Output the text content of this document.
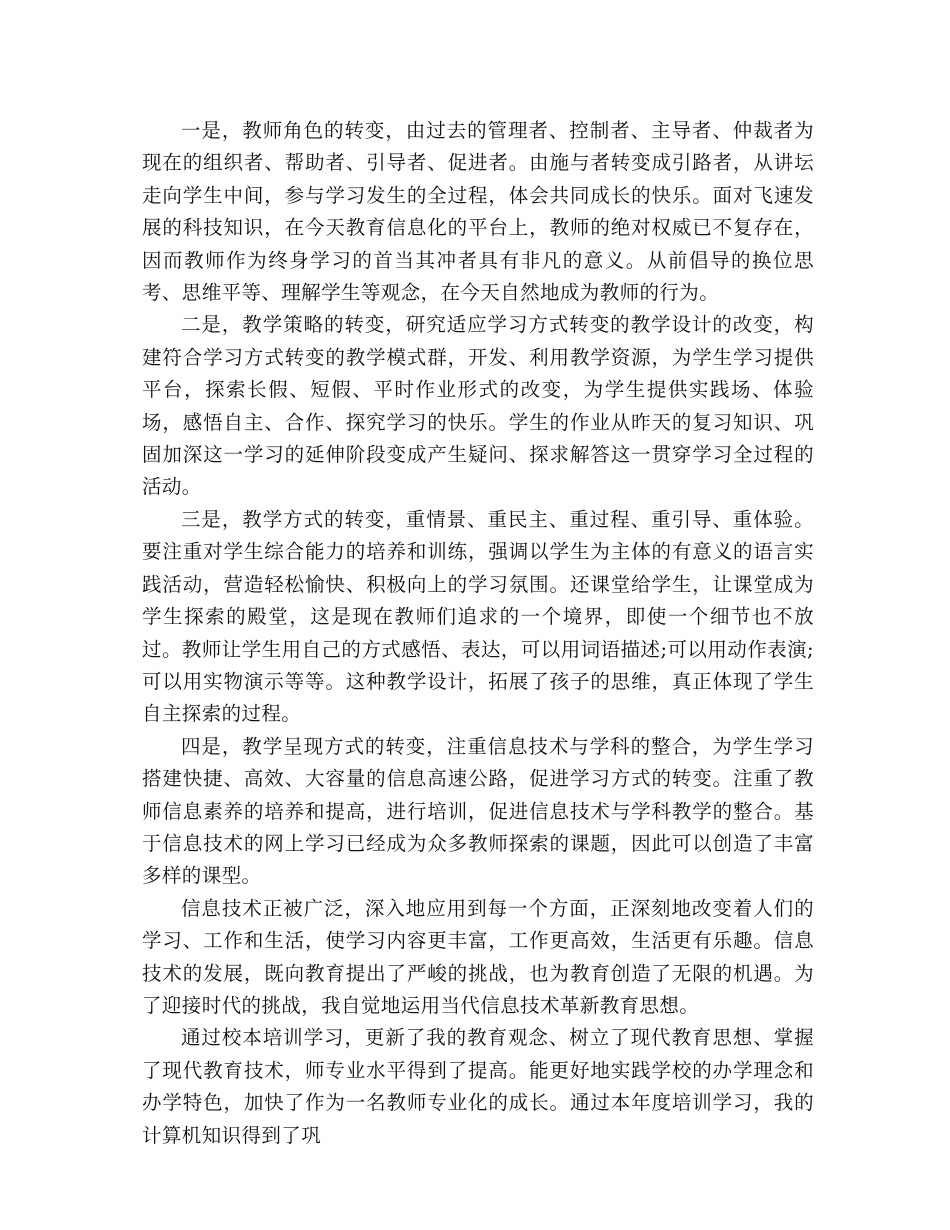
一是，教师角色的转变，由过去的管理者、控制者、主导者、仲裁者为现在的组织者、帮助者、引导者、促进者。由施与者转变成引路者，从讲坛走向学生中间，参与学习发生的全过程，体会共同成长的快乐。面对飞速发展的科技知识，在今天教育信息化的平台上，教师的绝对权威已不复存在，因而教师作为终身学习的首当其冲者具有非凡的意义。从前倡导的换位思考、思维平等、理解学生等观念，在今天自然地成为教师的行为。

二是，教学策略的转变，研究适应学习方式转变的教学设计的改变，构建符合学习方式转变的教学模式群，开发、利用教学资源，为学生学习提供平台，探索长假、短假、平时作业形式的改变，为学生提供实践场、体验场，感悟自主、合作、探究学习的快乐。学生的作业从昨天的复习知识、巩固加深这一学习的延伸阶段变成产生疑问、探求解答这一贯穿学习全过程的活动。

三是，教学方式的转变，重情景、重民主、重过程、重引导、重体验。要注重对学生综合能力的培养和训练，强调以学生为主体的有意义的语言实践活动，营造轻松愉快、积极向上的学习氛围。还课堂给学生，让课堂成为学生探索的殿堂，这是现在教师们追求的一个境界，即使一个细节也不放过。教师让学生用自己的方式感悟、表达，可以用词语描述;可以用动作表演;可以用实物演示等等。这种教学设计，拓展了孩子的思维，真正体现了学生自主探索的过程。

四是，教学呈现方式的转变，注重信息技术与学科的整合，为学生学习搭建快捷、高效、大容量的信息高速公路，促进学习方式的转变。注重了教师信息素养的培养和提高，进行培训，促进信息技术与学科教学的整合。基于信息技术的网上学习已经成为众多教师探索的课题，因此可以创造了丰富多样的课型。

信息技术正被广泛，深入地应用到每一个方面，正深刻地改变着人们的学习、工作和生活，使学习内容更丰富，工作更高效，生活更有乐趣。信息技术的发展，既向教育提出了严峻的挑战，也为教育创造了无限的机遇。为了迎接时代的挑战，我自觉地运用当代信息技术革新教育思想。

通过校本培训学习，更新了我的教育观念、树立了现代教育思想、掌握了现代教育技术，师专业水平得到了提高。能更好地实践学校的办学理念和办学特色，加快了作为一名教师专业化的成长。通过本年度培训学习，我的计算机知识得到了巩
